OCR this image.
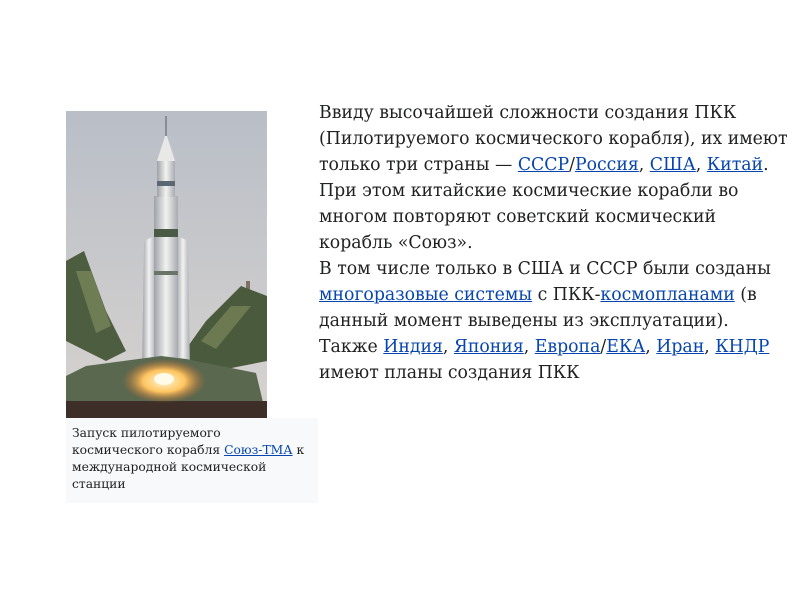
Запуск пилотируемого космического корабля Союз-ТМА к международной космической станции

Ввиду высочайшей сложности создания ПКК (Пилотируемого космического корабля), их имеют только три страны — СССР/Россия, США, Китай. При этом китайские космические корабли во многом повторяют советский космический корабль «Союз».

В том числе только в США и СССР были созданы многоразовые системы с ПКК-космопланами (в данный момент выведены из эксплуатации).

Также Индия, Япония, Европа/ЕКА, Иран, КНДР имеют планы создания ПКК
